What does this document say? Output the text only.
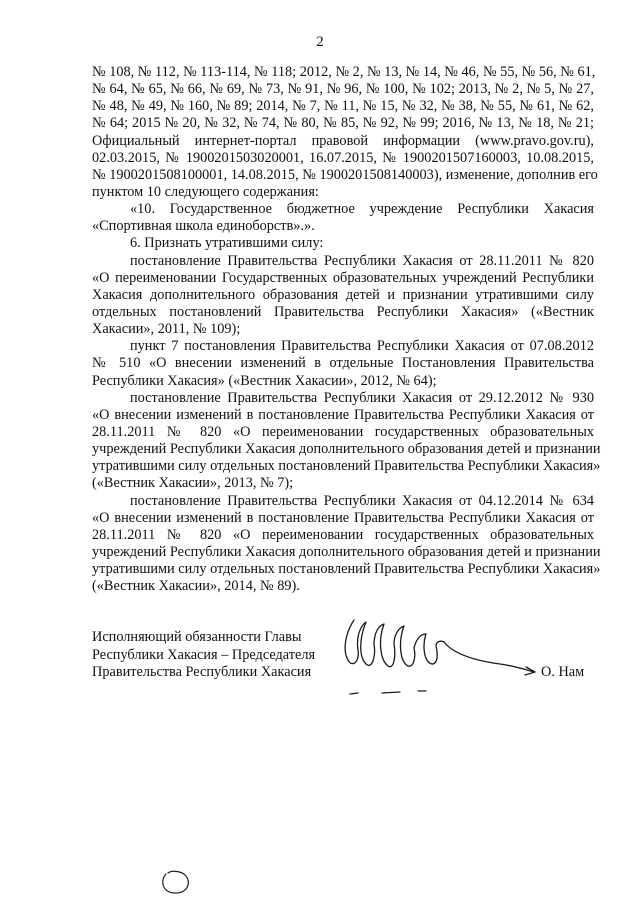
2
№ 108, № 112, № 113-114, № 118; 2012, № 2, № 13, № 14, № 46, № 55, № 56, № 61,
№ 64, № 65, № 66, № 69, № 73, № 91, № 96, № 100, № 102; 2013, № 2, № 5, № 27,
№ 48, № 49, № 160, № 89; 2014, № 7, № 11, № 15, № 32, № 38, № 55, № 61, № 62,
№ 64; 2015 № 20, № 32, № 74, № 80, № 85, № 92, № 99; 2016, № 13, № 18, № 21;
Официальный интернет-портал правовой информации (www.pravo.gov.ru),
02.03.2015, № 1900201503020001, 16.07.2015, № 1900201507160003, 10.08.2015,
№ 1900201508100001, 14.08.2015, № 1900201508140003), изменение, дополнив его
пунктом 10 следующего содержания:
«10. Государственное бюджетное учреждение Республики Хакасия
«Спортивная школа единоборств».».
6. Признать утратившими силу:
постановление Правительства Республики Хакасия от 28.11.2011 № 820
«О переименовании Государственных образовательных учреждений Республики
Хакасия дополнительного образования детей и признании утратившими силу
отдельных постановлений Правительства Республики Хакасия» («Вестник
Хакасии», 2011, № 109);
пункт 7 постановления Правительства Республики Хакасия от 07.08.2012
№ 510 «О внесении изменений в отдельные Постановления Правительства
Республики Хакасия» («Вестник Хакасии», 2012, № 64);
постановление Правительства Республики Хакасия от 29.12.2012 № 930
«О внесении изменений в постановление Правительства Республики Хакасия от
28.11.2011 № 820 «О переименовании государственных образовательных
учреждений Республики Хакасия дополнительного образования детей и признании
утратившими силу отдельных постановлений Правительства Республики Хакасия»
(«Вестник Хакасии», 2013, № 7);
постановление Правительства Республики Хакасия от 04.12.2014 № 634
«О внесении изменений в постановление Правительства Республики Хакасия от
28.11.2011 № 820 «О переименовании государственных образовательных
учреждений Республики Хакасия дополнительного образования детей и признании
утратившими силу отдельных постановлений Правительства Республики Хакасия»
(«Вестник Хакасии», 2014, № 89).
Исполняющий обязанности Главы
Республики Хакасия – Председателя
Правительства Республики Хакасия	О. Нам
